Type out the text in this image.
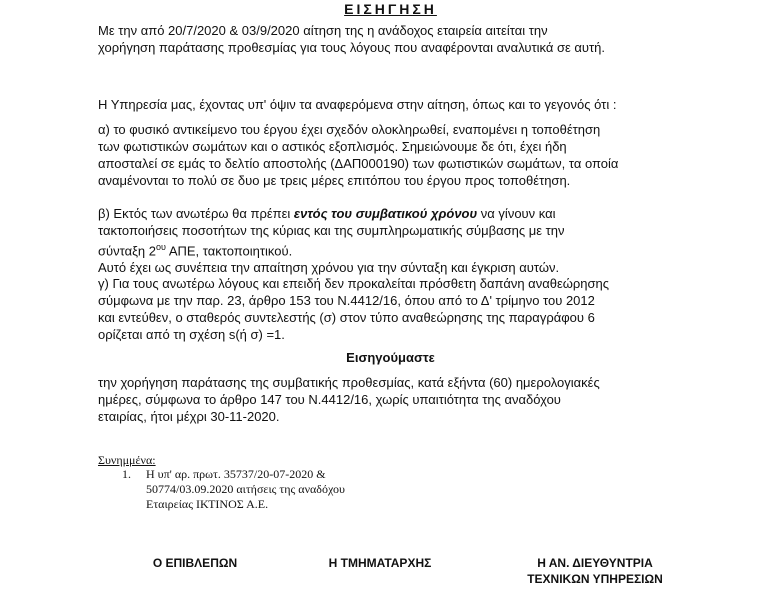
ΕΙΣΗΓΗΣΗ
Με την από 20/7/2020 & 03/9/2020 αίτηση της η ανάδοχος εταιρεία αιτείται την
χορήγηση παράτασης προθεσμίας για τους λόγους που αναφέρονται αναλυτικά σε αυτή.
Η Υπηρεσία μας, έχοντας υπ' όψιν τα αναφερόμενα στην αίτηση, όπως και το γεγονός ότι :
α) το φυσικό αντικείμενο του έργου έχει σχεδόν ολοκληρωθεί, εναπομένει η τοποθέτηση
των φωτιστικών σωμάτων και ο αστικός εξοπλισμός. Σημειώνουμε δε ότι, έχει ήδη
αποσταλεί σε εμάς το δελτίο αποστολής (ΔΑΠ000190) των φωτιστικών σωμάτων, τα οποία
αναμένονται το πολύ σε δυο με τρεις μέρες επιτόπου του έργου προς τοποθέτηση.
β) Εκτός των ανωτέρω θα πρέπει εντός του συμβατικού χρόνου να γίνουν και
τακτοποιήσεις ποσοτήτων της κύριας και της συμπληρωματικής σύμβασης με την
σύνταξη $2^{o\upsilon}$ ΑΠΕ, τακτοποιητικού.
Αυτό έχει ως συνέπεια την απαίτηση χρόνου για την σύνταξη και έγκριση αυτών.
γ) Για τους ανωτέρω λόγους και επειδή δεν προκαλείται πρόσθετη δαπάνη αναθεώρησης
σύμφωνα με την παρ. 23, άρθρο 153 του Ν.4412/16, όπου από το Δ' τρίμηνο του 2012
και εντεύθεν, ο σταθερός συντελεστής (σ) στον τύπο αναθεώρησης της παραγράφου 6
ορίζεται από τη σχέση s(ή σ) =1.
Εισηγούμαστε
την χορήγηση παράτασης της συμβατικής προθεσμίας, κατά εξήντα (60) ημερολογιακές
ημέρες, σύμφωνα το άρθρο 147 του Ν.4412/16, χωρίς υπαιτιότητα της αναδόχου
εταιρίας, ήτοι μέχρι 30-11-2020.
Συνημμένα:
1. Η υπ' αρ. πρωτ. 35737/20-07-2020 &
50774/03.09.2020 αιτήσεις της αναδόχου
Εταιρείας ΙΚΤΙΝΟΣ Α.Ε.
Ο ΕΠΙΒΛΕΠΩΝ	Η ΤΜΗΜΑΤΑΡΧΗΣ	Η ΑΝ. ΔΙΕΥΘΥΝΤΡΙΑ
ΤΕΧΝΙΚΩΝ ΥΠΗΡΕΣΙΩΝ
